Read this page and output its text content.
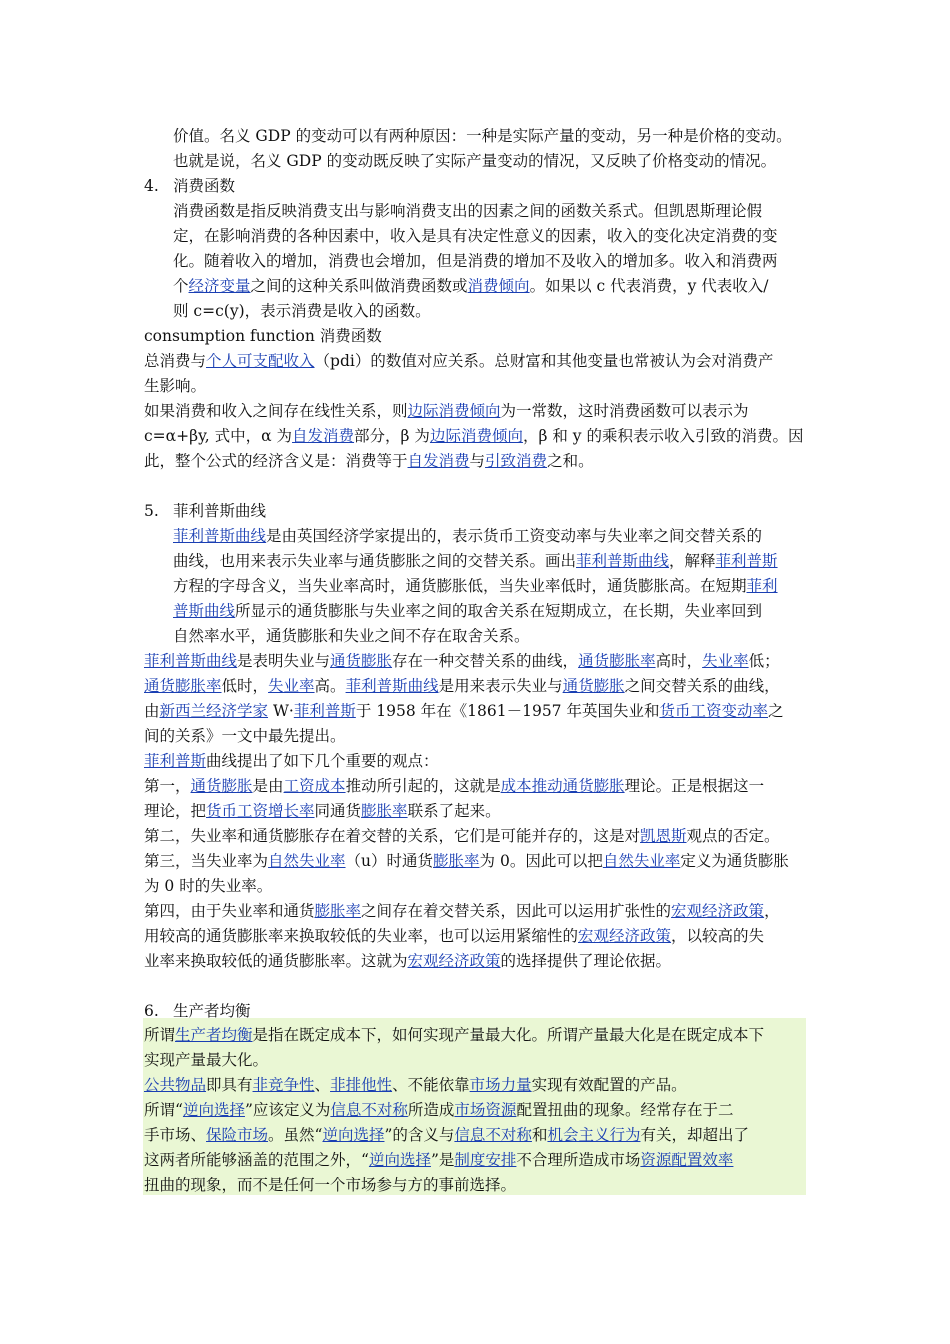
价值。名义 GDP 的变动可以有两种原因：一种是实际产量的变动，另一种是价格的变动。
也就是说，名义 GDP 的变动既反映了实际产量变动的情况，又反映了价格变动的情况。
4. 消费函数
消费函数是指反映消费支出与影响消费支出的因素之间的函数关系式。但凯恩斯理论假
定，在影响消费的各种因素中，收入是具有决定性意义的因素，收入的变化决定消费的变
化。随着收入的增加，消费也会增加，但是消费的增加不及收入的增加多。收入和消费两
个经济变量之间的这种关系叫做消费函数或消费倾向。如果以 c 代表消费，y 代表收入/
则 c=c(y)，表示消费是收入的函数。
consumption function 消费函数
总消费与个人可支配收入（pdi）的数值对应关系。总财富和其他变量也常被认为会对消费产
生影响。
如果消费和收入之间存在线性关系，则边际消费倾向为一常数，这时消费函数可以表示为
c=α+βy, 式中，α 为自发消费部分，β 为边际消费倾向，β 和 y 的乘积表示收入引致的消费。因
此，整个公式的经济含义是：消费等于自发消费与引致消费之和。
5. 菲利普斯曲线
菲利普斯曲线是由英国经济学家提出的，表示货币工资变动率与失业率之间交替关系的
曲线，也用来表示失业率与通货膨胀之间的交替关系。画出菲利普斯曲线，解释菲利普斯
方程的字母含义，当失业率高时，通货膨胀低，当失业率低时，通货膨胀高。在短期菲利
普斯曲线所显示的通货膨胀与失业率之间的取舍关系在短期成立，在长期，失业率回到
自然率水平，通货膨胀和失业之间不存在取舍关系。
菲利普斯曲线是表明失业与通货膨胀存在一种交替关系的曲线，通货膨胀率高时，失业率低；
通货膨胀率低时，失业率高。菲利普斯曲线是用来表示失业与通货膨胀之间交替关系的曲线，
由新西兰经济学家 W·菲利普斯于 1958 年在《1861－1957 年英国失业和货币工资变动率之
间的关系》一文中最先提出。
菲利普斯曲线提出了如下几个重要的观点：
第一，通货膨胀是由工资成本推动所引起的，这就是成本推动通货膨胀理论。正是根据这一
理论，把货币工资增长率同通货膨胀率联系了起来。
第二，失业率和通货膨胀存在着交替的关系，它们是可能并存的，这是对凯恩斯观点的否定。
第三，当失业率为自然失业率（u）时通货膨胀率为 0。因此可以把自然失业率定义为通货膨胀
为 0 时的失业率。
第四，由于失业率和通货膨胀率之间存在着交替关系，因此可以运用扩张性的宏观经济政策，
用较高的通货膨胀率来换取较低的失业率，也可以运用紧缩性的宏观经济政策，以较高的失
业率来换取较低的通货膨胀率。这就为宏观经济政策的选择提供了理论依据。
6. 生产者均衡
所谓生产者均衡是指在既定成本下，如何实现产量最大化。所谓产量最大化是在既定成本下
实现产量最大化。
公共物品即具有非竞争性、非排他性、不能依靠市场力量实现有效配置的产品。
所谓“逆向选择”应该定义为信息不对称所造成市场资源配置扭曲的现象。经常存在于二
手市场、保险市场。虽然“逆向选择”的含义与信息不对称和机会主义行为有关，却超出了
这两者所能够涵盖的范围之外，“逆向选择”是制度安排不合理所造成市场资源配置效率
扭曲的现象，而不是任何一个市场参与方的事前选择。
